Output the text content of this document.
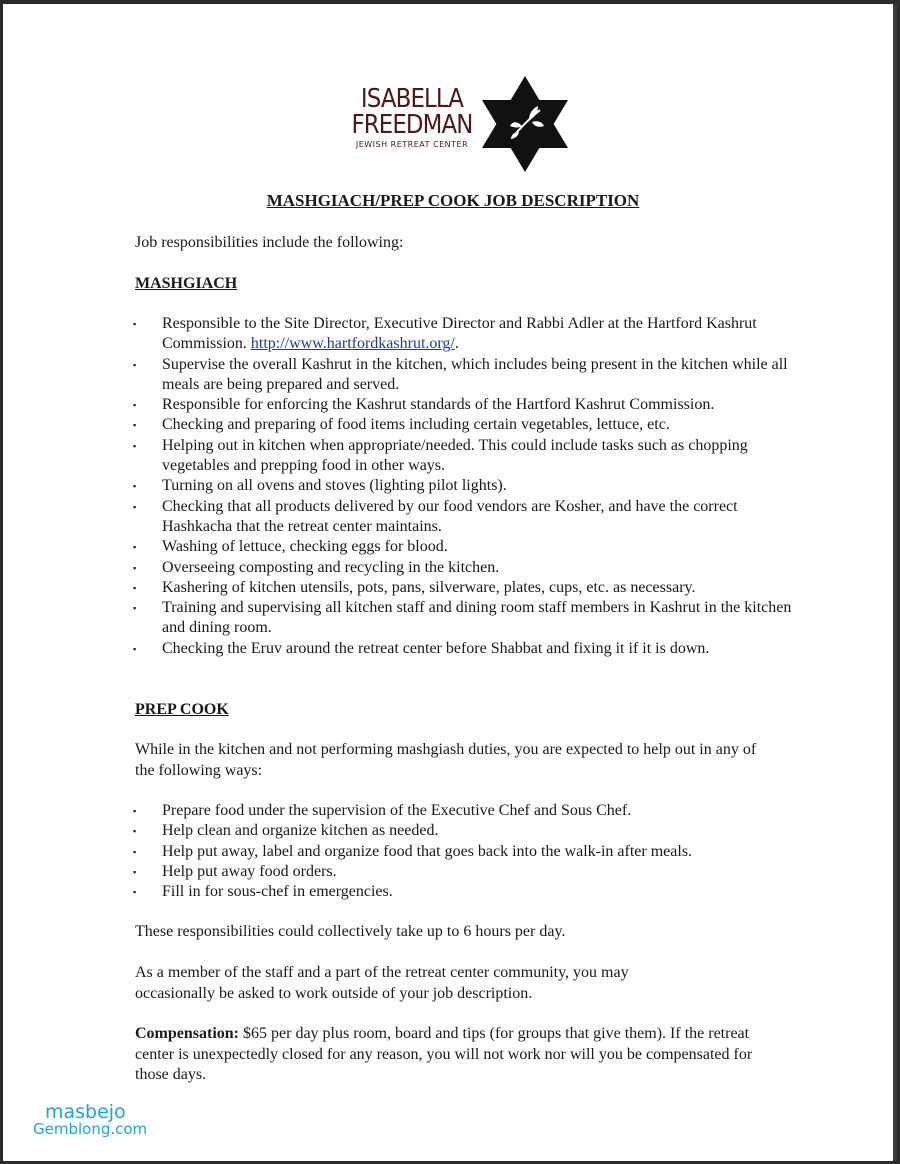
ISABELLA
FREEDMAN
JEWISH RETREAT CENTER
MASHGIACH/PREP COOK JOB DESCRIPTION
Job responsibilities include the following:
MASHGIACH
▪ Responsible to the Site Director, Executive Director and Rabbi Adler at the Hartford Kashrut Commission. http://www.hartfordkashrut.org/.
▪ Supervise the overall Kashrut in the kitchen, which includes being present in the kitchen while all meals are being prepared and served.
▪ Responsible for enforcing the Kashrut standards of the Hartford Kashrut Commission.
▪ Checking and preparing of food items including certain vegetables, lettuce, etc.
▪ Helping out in kitchen when appropriate/needed. This could include tasks such as chopping vegetables and prepping food in other ways.
▪ Turning on all ovens and stoves (lighting pilot lights).
▪ Checking that all products delivered by our food vendors are Kosher, and have the correct Hashkacha that the retreat center maintains.
▪ Washing of lettuce, checking eggs for blood.
▪ Overseeing composting and recycling in the kitchen.
▪ Kashering of kitchen utensils, pots, pans, silverware, plates, cups, etc. as necessary.
▪ Training and supervising all kitchen staff and dining room staff members in Kashrut in the kitchen and dining room.
▪ Checking the Eruv around the retreat center before Shabbat and fixing it if it is down.
PREP COOK

While in the kitchen and not performing mashgiash duties, you are expected to help out in any of the following ways:

▪ Prepare food under the supervision of the Executive Chef and Sous Chef.
▪ Help clean and organize kitchen as needed.
▪ Help put away, label and organize food that goes back into the walk-in after meals.
▪ Help put away food orders.
▪ Fill in for sous-chef in emergencies.

These responsibilities could collectively take up to 6 hours per day.

As a member of the staff and a part of the retreat center community, you may occasionally be asked to work outside of your job description.

Compensation: $65 per day plus room, board and tips (for groups that give them). If the retreat center is unexpectedly closed for any reason, you will not work nor will you be compensated for those days.

masbejo
Gemblong.com
